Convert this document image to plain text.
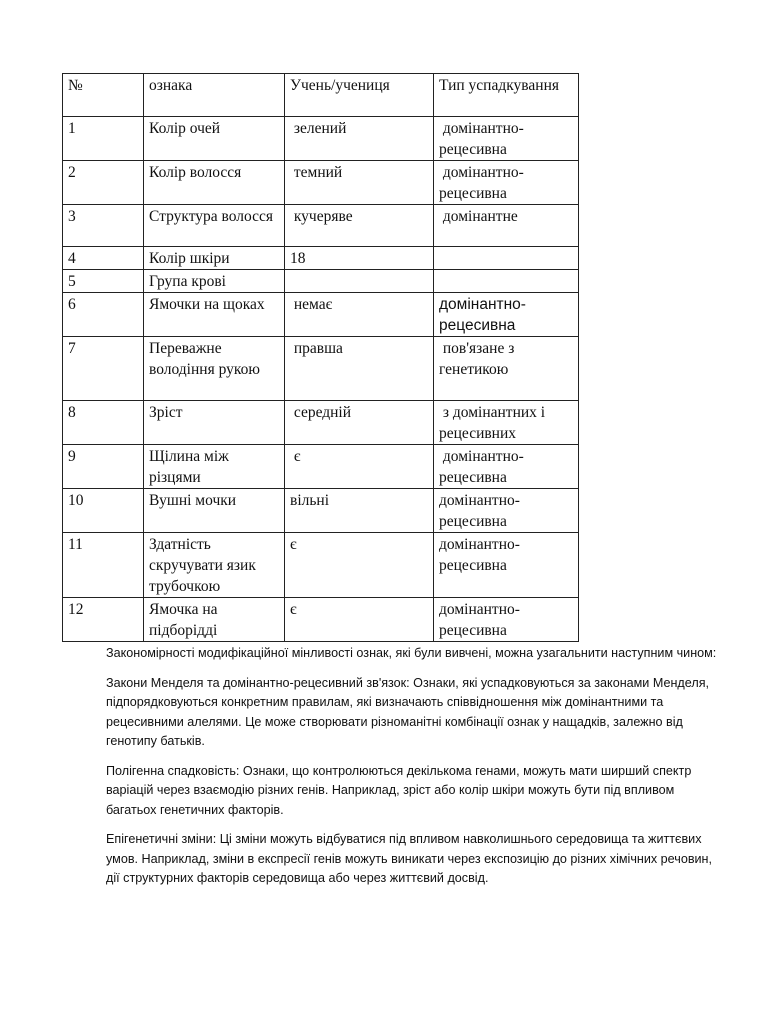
№	ознака	Учень/учениця	Тип успадкування
1	Колір очей	зелений	домінантно-рецесивна
2	Колір волосся	темний	домінантно-рецесивна
3	Структура волосся	кучеряве	домінантне
4	Колір шкіри	18	
5	Група крові		
6	Ямочки на щоках	немає	домінантно-рецесивна
7	Переважне володіння рукою	правша	пов'язане з генетикою
8	Зріст	середній	з домінантних і рецесивних
9	Щілина між різцями	є	домінантно-рецесивна
10	Вушні мочки	вільні	домінантно-рецесивна
11	Здатність скручувати язик трубочкою	є	домінантно-рецесивна
12	Ямочка на підборідді	є	домінантно-рецесивна

Закономірності модифікаційної мінливості ознак, які були вивчені, можна узагальнити наступним чином:

Закони Менделя та домінантно-рецесивний зв'язок: Ознаки, які успадковуються за законами Менделя, підпорядковуються конкретним правилам, які визначають співвідношення між домінантними та рецесивними алелями. Це може створювати різноманітні комбінації ознак у нащадків, залежно від генотипу батьків.

Полігенна спадковість: Ознаки, що контролюються декількома генами, можуть мати ширший спектр варіацій через взаємодію різних генів. Наприклад, зріст або колір шкіри можуть бути під впливом багатьох генетичних факторів.

Епігенетичні зміни: Ці зміни можуть відбуватися під впливом навколишнього середовища та життєвих умов. Наприклад, зміни в експресії генів можуть виникати через експозицію до різних хімічних речовин, дії структурних факторів середовища або через життєвий досвід.
